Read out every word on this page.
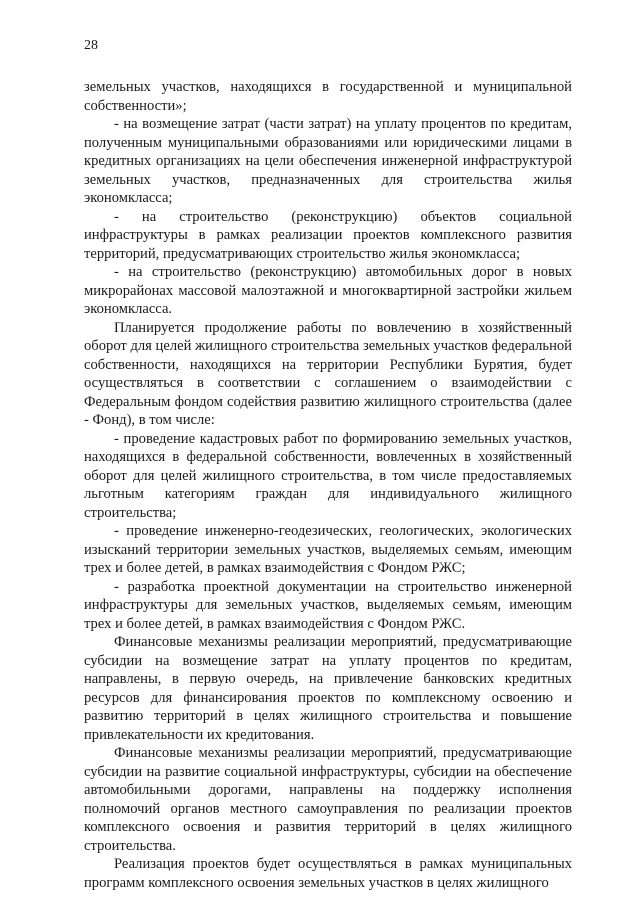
28

земельных участков, находящихся в государственной и муниципальной собственности»;

- на возмещение затрат (части затрат) на уплату процентов по кредитам, полученным муниципальными образованиями или юридическими лицами в кредитных организациях на цели обеспечения инженерной инфраструктурой земельных участков, предназначенных для строительства жилья экономкласса;

- на строительство (реконструкцию) объектов социальной инфраструктуры в рамках реализации проектов комплексного развития территорий, предусматривающих строительство жилья экономкласса;

- на строительство (реконструкцию) автомобильных дорог в новых микрорайонах массовой малоэтажной и многоквартирной застройки жильем экономкласса.

Планируется продолжение работы по вовлечению в хозяйственный оборот для целей жилищного строительства земельных участков федеральной собственности, находящихся на территории Республики Бурятия, будет осуществляться в соответствии с соглашением о взаимодействии с Федеральным фондом содействия развитию жилищного строительства (далее - Фонд), в том числе:

- проведение кадастровых работ по формированию земельных участков, находящихся в федеральной собственности, вовлеченных в хозяйственный оборот для целей жилищного строительства, в том числе предоставляемых льготным категориям граждан для индивидуального жилищного строительства;

- проведение инженерно-геодезических, геологических, экологических изысканий территории земельных участков, выделяемых семьям, имеющим трех и более детей, в рамках взаимодействия с Фондом РЖС;

- разработка проектной документации на строительство инженерной инфраструктуры для земельных участков, выделяемых семьям, имеющим трех и более детей, в рамках взаимодействия с Фондом РЖС.

Финансовые механизмы реализации мероприятий, предусматривающие субсидии на возмещение затрат на уплату процентов по кредитам, направлены, в первую очередь, на привлечение банковских кредитных ресурсов для финансирования проектов по комплексному освоению и развитию территорий в целях жилищного строительства и повышение привлекательности их кредитования.

Финансовые механизмы реализации мероприятий, предусматривающие субсидии на развитие социальной инфраструктуры, субсидии на обеспечение автомобильными дорогами, направлены на поддержку исполнения полномочий органов местного самоуправления по реализации проектов комплексного освоения и развития территорий в целях жилищного строительства.

Реализация проектов будет осуществляться в рамках муниципальных программ комплексного освоения земельных участков в целях жилищного
